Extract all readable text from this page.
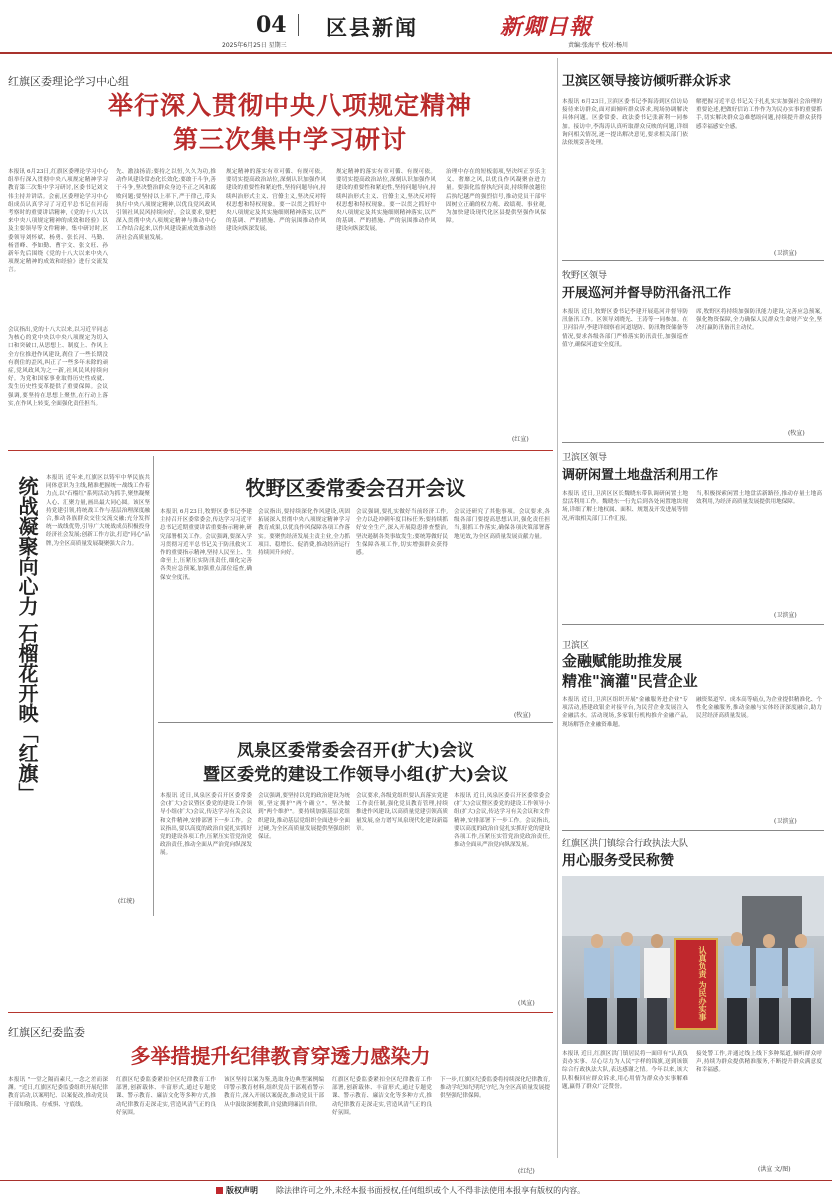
04 区县新闻
2025年6月25日 星期三
新卿日報
责编:张海平 校对:杨川
红旗区委理论学习中心组
举行深入贯彻中央八项规定精神
第三次集中学习研讨
本报讯 6月23日,红旗区委理论学习中心组举行深入贯彻中央八项规定精神学习教育第三次集中学习研讨,区委书记刘文伟主持并讲话。会前,区委理论学习中心组成员认真学习了习近平总书记在河南考察时的重要讲话精神,《党的十八大以来中央八项规定精神的成效和经验》以及主要领导等文件精神。集中研讨时,区委领导刘怀斌、杨勇、张长河、马勤、杨晋峰、李如勤、曹宇文、张文旺、孙新年先后围绕《党的十八大以来中央八项规定精神的成效和经验》进行交流发言。
会议指出,党的十八大以来,以习近平同志为核心的党中央以中央八项规定为切入口和突破口,从思想上、制度上、作风上全方位推进作风建设,刹住了一些长期没有刹住的歪风,纠正了一些多年未除的顽症,党风政风为之一新,社风民风持续向好。为党和国家事业取得历史性成就、发生历史性变革提供了重要保障。会议强调,要坚持在思想上聚焦,在行动上落实,在作风上转变,全面强化责任担当。
先、激浊扬清;要持之以恒,久久为功,推动作风建设常态化长效化;要敢于斗争,善于斗争,坚决整治群众身边不正之风和腐败问题;要坚持以上率下,严于律己,带头执行中央八项规定精神,以优良党风政风引领社风民风持续向好。会议要求,要把深入贯彻中央八项规定精神与推动中心工作结合起来,以作风建设新成效推动经济社会高质量发展。
规定精神的落实有章可循、有规可依。要切实提高政治站位,深刻认识加强作风建设的重要性和紧迫性,坚持问题导向,持续纠治形式主义、官僚主义,坚决反对特权思想和特权现象。要一以贯之抓好中央八项规定及其实施细则精神落实,以严的基调、严的措施、严的氛围推动作风建设向纵深发展。
规定精神的落实有章可循、有规可依。要切实提高政治站位,深刻认识加强作风建设的重要性和紧迫性,坚持问题导向,持续纠治形式主义、官僚主义,坚决反对特权思想和特权现象。要一以贯之抓好中央八项规定及其实施细则精神落实,以严的基调、严的措施、严的氛围推动作风建设向纵深发展。
治理中存在的短板弱项,坚决纠正享乐主义、奢靡之风,以优良作风凝聚奋进力量。要强化监督执纪问责,持续释放越往后执纪越严的强烈信号,推动党员干部牢固树立正确的权力观、政绩观、事业观,为加快建设现代化区县提供坚强作风保障。
(红宣)
统战凝聚向心力 石榴花开映「红旗」 本报讯 近年来,红旗区以铸牢中华民族共同体意识为主线,精准把握统一战线工作着力点,以"石榴红"系列活动为抓手,聚焦凝聚人心、汇聚力量,画出最大同心圆。该区坚持党建引领,将统战工作与基层治理深度融合,推动各族群众交往交流交融;充分发挥统一战线优势,引导广大统战成员积极投身经济社会发展;创新工作方法,打造"同心"品牌,为全区高质量发展凝聚强大合力。
(红统)
牧野区委常委会召开会议
本报讯 6月23日,牧野区委书记李建主持召开区委常委会,传达学习习近平总书记近期重要讲话重要指示精神,研究部署相关工作。会议强调,要深入学习贯彻习近平总书记关于防汛救灾工作的重要指示精神,坚持人民至上、生命至上,压紧压实防汛责任,细化完善各类应急预案,加强重点部位巡查,确保安全度汛。
会议指出,要持续深化作风建设,巩固拓展深入贯彻中央八项规定精神学习教育成果,以优良作风保障各项工作落实。要聚焦经济发展主责主业,全力抓项目、稳增长、促消费,推动经济运行持续回升向好。
会议强调,要扎实做好当前经济工作,全力以赴冲刺年度目标任务;要持续抓好安全生产,深入开展隐患排查整治,坚决遏制各类事故发生;要统筹做好民生保障各项工作,切实增强群众获得感。
会议还研究了其他事项。会议要求,各级各部门要提高思想认识,强化责任担当,狠抓工作落实,确保各项决策部署落地见效,为全区高质量发展贡献力量。
(牧宣)
凤泉区委常委会召开(扩大)会议
暨区委党的建设工作领导小组(扩大)会议
本报讯 近日,凤泉区委召开区委常委会(扩大)会议暨区委党的建设工作领导小组(扩大)会议,传达学习有关会议和文件精神,安排部署下一步工作。会议指出,要以高度的政治自觉扎实抓好党的建设各项工作,压紧压实管党治党政治责任,推动全面从严治党向纵深发展。
会议强调,要坚持以党的政治建设为统领,坚定拥护"两个确立"、坚决做到"两个维护"。要持续加强基层党组织建设,推动基层党组织全面进步全面过硬,为全区高质量发展提供坚强组织保证。
会议要求,各级党组织要认真落实党建工作责任制,强化党员教育管理,持续推进作风建设,以高质量党建引领高质量发展,奋力谱写凤泉现代化建设新篇章。
本报讯 近日,凤泉区委召开区委常委会(扩大)会议暨区委党的建设工作领导小组(扩大)会议,传达学习有关会议和文件精神,安排部署下一步工作。会议指出,要以高度的政治自觉扎实抓好党的建设各项工作,压紧压实管党治党政治责任,推动全面从严治党向纵深发展。
(凤宣)
红旗区纪委监委
多举措提升纪律教育穿透力感染力
本报讯 "一堂之隔而素尺,一念之差而深渊。"近日,红旗区纪委监委组织开展纪律教育活动,以案明纪、以案促改,推动党员干部知敬畏、存戒惧、守底线。
红旗区纪委监委紧扣全区纪律教育工作部署,创新载体、丰富形式,通过专题党课、警示教育、廉洁文化等多种方式,推动纪律教育走深走实,营造风清气正的良好氛围。
该区坚持以案为鉴,选取身边典型案例编印警示教育材料,组织党员干部观看警示教育片,深入开展以案促改,推动党员干部从中汲取深刻教训,自觉做到廉洁自律。
红旗区纪委监委紧扣全区纪律教育工作部署,创新载体、丰富形式,通过专题党课、警示教育、廉洁文化等多种方式,推动纪律教育走深走实,营造风清气正的良好氛围。
下一步,红旗区纪委监委将持续深化纪律教育,推动学纪知纪明纪守纪,为全区高质量发展提供坚强纪律保障。
(红纪)
卫滨区领导接访倾听群众诉求
本报讯 6月23日,卫滨区委书记李海涛到区信访局接待来访群众,面对面倾听群众诉求,现场协调解决具体问题。区委常委、政法委书记张新利一同参加。接访中,李海涛认真听取群众反映的问题,详细询问相关情况,逐一提出解决意见,要求相关部门依法依规妥善处理。
解把握习近平总书记关于扎扎实实加强社会治理的重要论述,把做好信访工作作为为民办实事的重要抓手,切实解决群众急难愁盼问题,持续提升群众获得感幸福感安全感。
(卫滨宣)
牧野区领导
开展巡河并督导防汛备汛工作
本报讯 近日,牧野区委书记李建开展巡河并督导防汛备汛工作。区领导刘晓光、王涛等一同参加。在卫河沿岸,李建详细察看河道堤防、防汛物资储备等情况,要求各级各部门严格落实防汛责任,加强巡查值守,确保河道安全度汛。
席,牧野区将持续加强防汛能力建设,完善应急预案,强化物资保障,全力确保人民群众生命财产安全,坚决打赢防汛备汛主动仗。
(牧宣)
卫滨区领导
调研闲置土地盘活利用工作
本报讯 近日,卫滨区区长魏晓东带队调研闲置土地盘活利用工作。魏晓东一行先后到各处闲置地块现场,详细了解土地权属、面积、规划及开发进展等情况,听取相关部门工作汇报。
当,积极探索闲置土地盘活新路径,推动存量土地高效利用,为经济高质量发展提供用地保障。
(卫滨宣)
卫滨区
金融赋能助推发展
精准"滴灌"民营企业
本报讯 近日,卫滨区组织开展"金融服务进企业"专项活动,搭建政银企对接平台,为民营企业发展注入金融活水。活动现场,多家银行机构推介金融产品,现场解答企业融资难题。
融资渠道窄、成本高等痛点,为企业提供精准化、个性化金融服务,推动金融与实体经济深度融合,助力民营经济高质量发展。
(卫滨宣)
红旗区洪门镇综合行政执法大队
用心服务受民称赞
认真负责 为民办实事
本报讯 近日,红旗区洪门镇居民将一面印有"认真负责办实事、尽心尽力为人民"字样的锦旗,送到该镇综合行政执法大队,表达感谢之情。今年以来,该大队积极回应群众诉求,用心用情为群众办实事解难题,赢得了群众广泛赞誉。
接处警工作,并通过线上线下多种渠道,倾听群众呼声,持续为群众提供精准服务,不断提升群众满意度和幸福感。
(洪宣 文/图)
版权声明 除法律许可之外,未经本报书面授权,任何组织或个人不得非法使用本报享有版权的内容。
